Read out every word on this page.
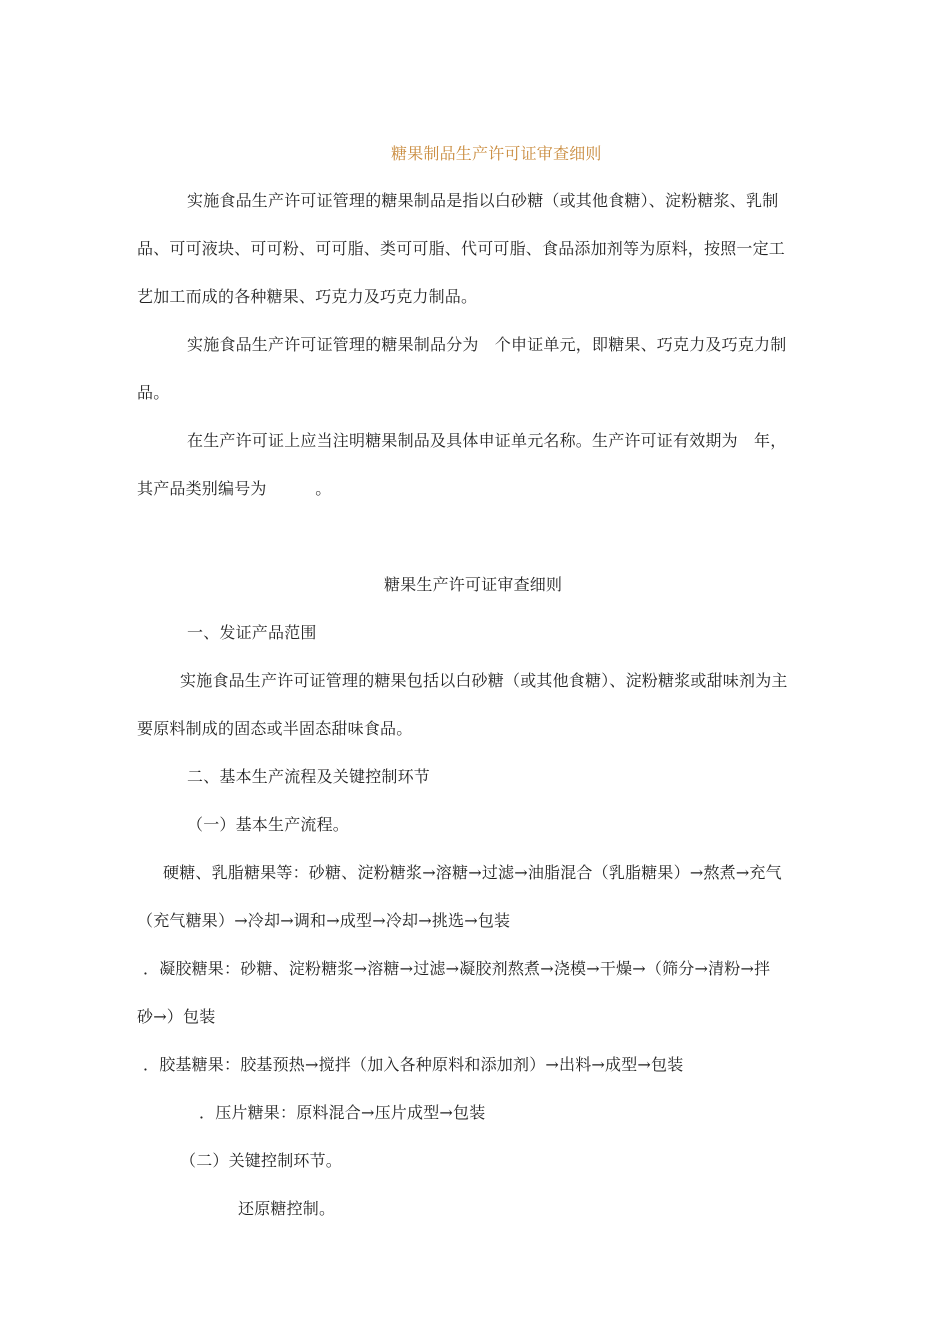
糖果制品生产许可证审查细则
实施食品生产许可证管理的糖果制品是指以白砂糖（或其他食糖）、淀粉糖浆、乳制
品、可可液块、可可粉、可可脂、类可可脂、代可可脂、食品添加剂等为原料，按照一定工
艺加工而成的各种糖果、巧克力及巧克力制品。
实施食品生产许可证管理的糖果制品分为　个申证单元，即糖果、巧克力及巧克力制
品。
在生产许可证上应当注明糖果制品及具体申证单元名称。生产许可证有效期为　年，
其产品类别编号为　　　。
糖果生产许可证审查细则
一、发证产品范围
实施食品生产许可证管理的糖果包括以白砂糖（或其他食糖）、淀粉糖浆或甜味剂为主
要原料制成的固态或半固态甜味食品。
二、基本生产流程及关键控制环节
（一）基本生产流程。
硬糖、乳脂糖果等：砂糖、淀粉糖浆→溶糖→过滤→油脂混合（乳脂糖果）→熬煮→充气
（充气糖果）→冷却→调和→成型→冷却→挑选→包装
．凝胶糖果：砂糖、淀粉糖浆→溶糖→过滤→凝胶剂熬煮→浇模→干燥→（筛分→清粉→拌
砂→）包装
．胶基糖果：胶基预热→搅拌（加入各种原料和添加剂）→出料→成型→包装
．压片糖果：原料混合→压片成型→包装
（二）关键控制环节。
还原糖控制。
